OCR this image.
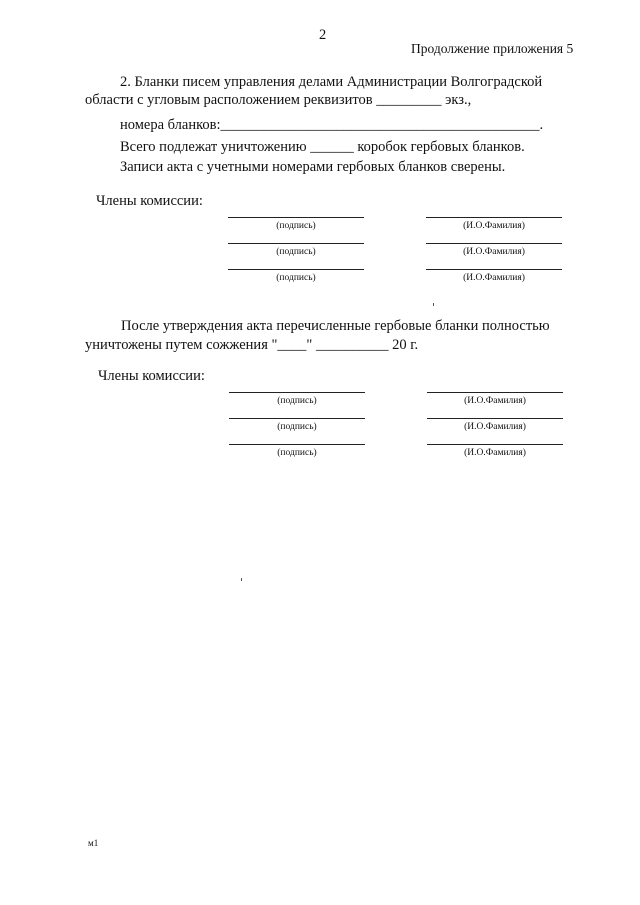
2
Продолжение приложения 5
2. Бланки писем управления делами Администрации Волгоградской
области с угловым расположением реквизитов _________ экз.,
номера бланков:____________________________________________.
Всего подлежат уничтожению ______ коробок гербовых бланков.
Записи акта с учетными номерами гербовых бланков сверены.
Члены комиссии:
(подпись)	(И.О.Фамилия)
(подпись)	(И.О.Фамилия)
(подпись)	(И.О.Фамилия)
После утверждения акта перечисленные гербовые бланки полностью
уничтожены путем сожжения "____" __________ 20 г.
Члены комиссии:
(подпись)	(И.О.Фамилия)
(подпись)	(И.О.Фамилия)
(подпись)	(И.О.Фамилия)
м1
